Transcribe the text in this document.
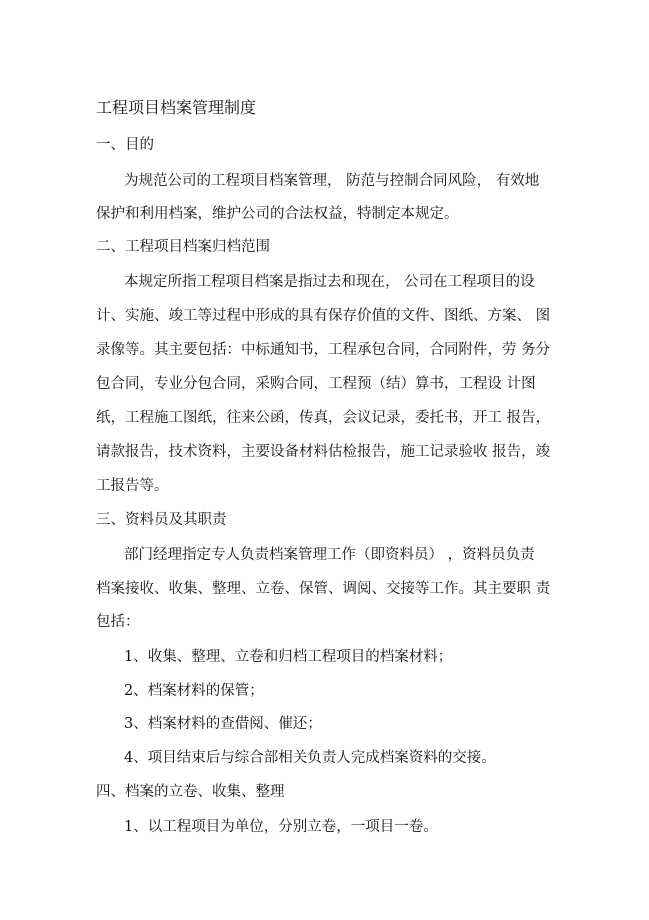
工程项目档案管理制度
一、目的
为规范公司的工程项目档案管理， 防范与控制合同风险， 有效地
保护和利用档案，维护公司的合法权益，特制定本规定。
二、工程项目档案归档范围
本规定所指工程项目档案是指过去和现在， 公司在工程项目的设
计、实施、竣工等过程中形成的具有保存价值的文件、图纸、方案、 图
录像等。其主要包括：中标通知书，工程承包合同，合同附件，劳 务分
包合同，专业分包合同，采购合同，工程预（结）算书，工程设 计图
纸，工程施工图纸，往来公函，传真，会议记录，委托书，开工 报告，
请款报告，技术资料，主要设备材料估检报告，施工记录验收 报告，竣
工报告等。
三、资料员及其职责
部门经理指定专人负责档案管理工作（即资料员） ，资料员负责
档案接收、收集、整理、立卷、保管、调阅、交接等工作。其主要职 责
包括：
1、收集、整理、立卷和归档工程项目的档案材料；
2、档案材料的保管；
3、档案材料的查借阅、催还；
4、项目结束后与综合部相关负责人完成档案资料的交接。
四、档案的立卷、收集、整理
1、以工程项目为单位，分别立卷，一项目一卷。
